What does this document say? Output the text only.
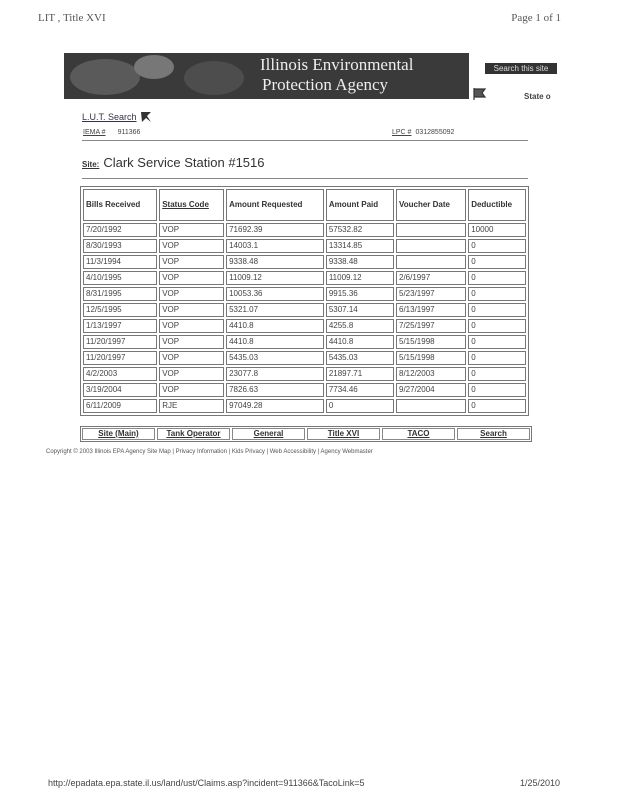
LIT , Title XVI	Page 1 of 1
Illinois Environmental
Protection Agency
Search this site
State o
L.U.T. Search
IEMA # 911366	LPC # 0312855092
Site: Clark Service Station #1516
Bills Received	Status Code	Amount Requested	Amount Paid	Voucher Date	Deductible
7/20/1992	VOP	71692.39	57532.82		10000
8/30/1993	VOP	14003.1	13314.85		0
11/3/1994	VOP	9338.48	9338.48		0
4/10/1995	VOP	11009.12	11009.12	2/6/1997	0
8/31/1995	VOP	10053.36	9915.36	5/23/1997	0
12/5/1995	VOP	5321.07	5307.14	6/13/1997	0
1/13/1997	VOP	4410.8	4255.8	7/25/1997	0
11/20/1997	VOP	4410.8	4410.8	5/15/1998	0
11/20/1997	VOP	5435.03	5435.03	5/15/1998	0
4/2/2003	VOP	23077.8	21897.71	8/12/2003	0
3/19/2004	VOP	7826.63	7734.46	9/27/2004	0
6/11/2009	RJE	97049.28	0		0
Site (Main)	Tank Operator	General	Title XVI	TACO	Search
Copyright © 2003 Illinois EPA Agency Site Map | Privacy Information | Kids Privacy | Web Accessibility | Agency Webmaster
http://epadata.epa.state.il.us/land/ust/Claims.asp?incident=911366&TacoLink=5	1/25/2010
